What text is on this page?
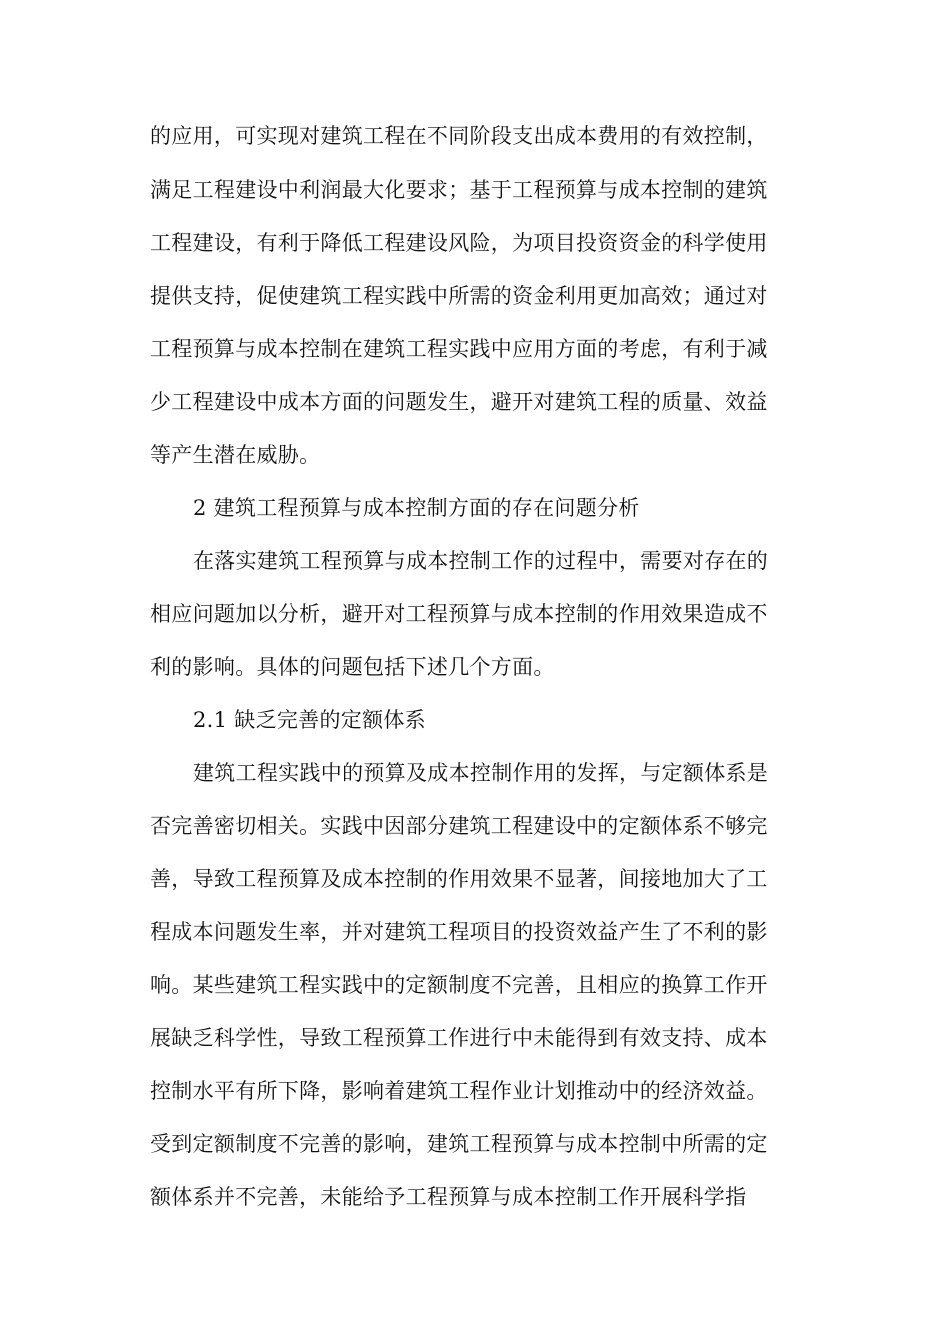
的应用，可实现对建筑工程在不同阶段支出成本费用的有效控制，
满足工程建设中利润最大化要求；基于工程预算与成本控制的建筑
工程建设，有利于降低工程建设风险，为项目投资资金的科学使用
提供支持，促使建筑工程实践中所需的资金利用更加高效；通过对
工程预算与成本控制在建筑工程实践中应用方面的考虑，有利于减
少工程建设中成本方面的问题发生，避开对建筑工程的质量、效益
等产生潜在威胁。
2 建筑工程预算与成本控制方面的存在问题分析
在落实建筑工程预算与成本控制工作的过程中，需要对存在的
相应问题加以分析，避开对工程预算与成本控制的作用效果造成不
利的影响。具体的问题包括下述几个方面。
2.1 缺乏完善的定额体系
建筑工程实践中的预算及成本控制作用的发挥，与定额体系是
否完善密切相关。实践中因部分建筑工程建设中的定额体系不够完
善，导致工程预算及成本控制的作用效果不显著，间接地加大了工
程成本问题发生率，并对建筑工程项目的投资效益产生了不利的影
响。某些建筑工程实践中的定额制度不完善，且相应的换算工作开
展缺乏科学性，导致工程预算工作进行中未能得到有效支持、成本
控制水平有所下降，影响着建筑工程作业计划推动中的经济效益。
受到定额制度不完善的影响，建筑工程预算与成本控制中所需的定
额体系并不完善，未能给予工程预算与成本控制工作开展科学指
